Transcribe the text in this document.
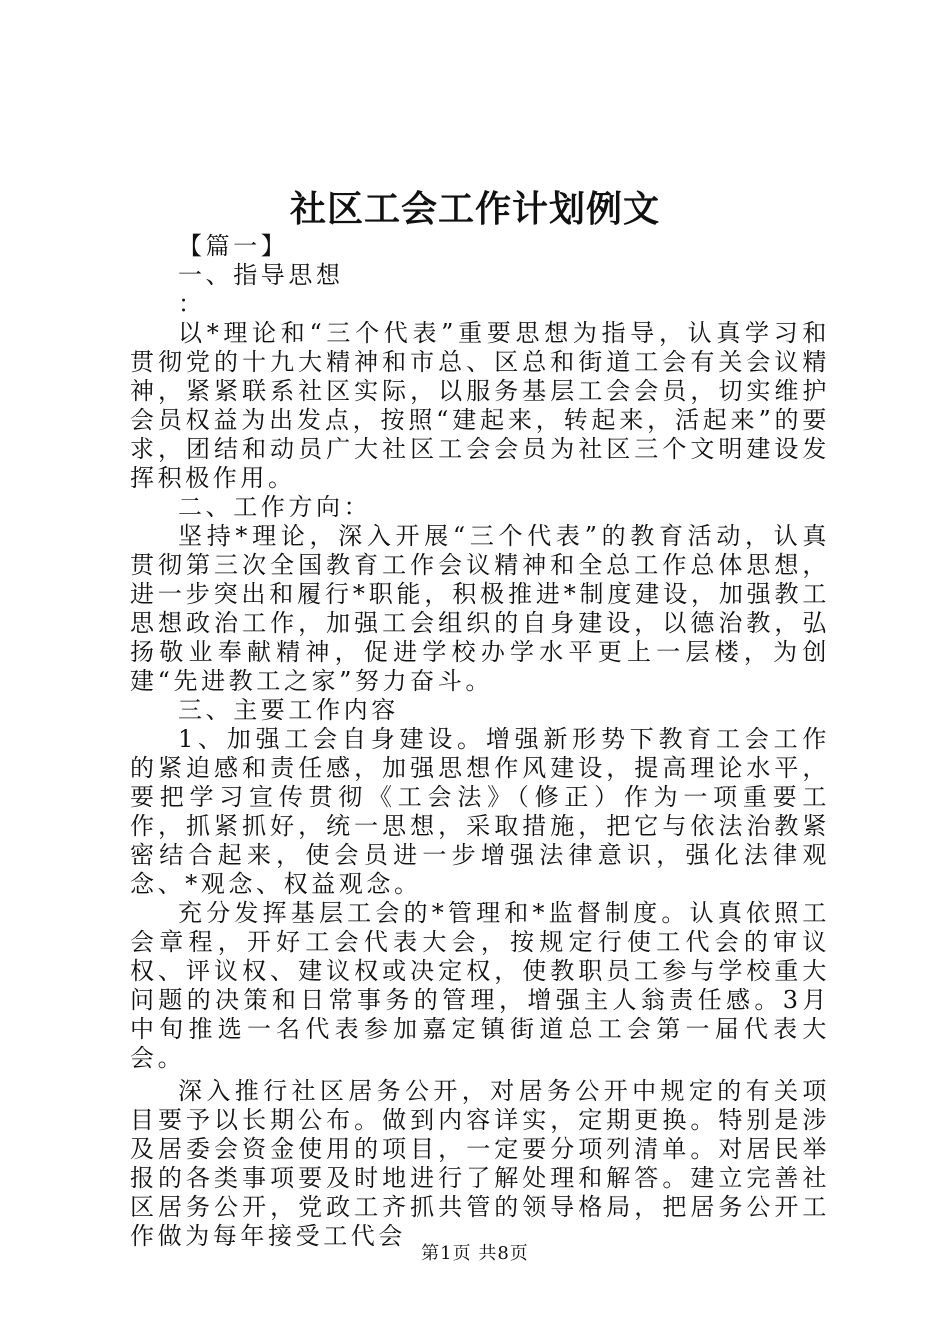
社区工会工作计划例文

【篇一】

一、指导思想

：

以*理论和“三个代表”重要思想为指导，认真学习和贯彻党的十九大精神和市总、区总和街道工会有关会议精神，紧紧联系社区实际，以服务基层工会会员，切实维护会员权益为出发点，按照“建起来，转起来，活起来”的要求，团结和动员广大社区工会会员为社区三个文明建设发挥积极作用。

二、工作方向：

坚持*理论，深入开展“三个代表”的教育活动，认真贯彻第三次全国教育工作会议精神和全总工作总体思想，进一步突出和履行*职能，积极推进*制度建设，加强教工思想政治工作，加强工会组织的自身建设，以德治教，弘扬敬业奉献精神，促进学校办学水平更上一层楼，为创建“先进教工之家”努力奋斗。

三、主要工作内容

1、加强工会自身建设。增强新形势下教育工会工作的紧迫感和责任感，加强思想作风建设，提高理论水平，要把学习宣传贯彻《工会法》（修正）作为一项重要工作，抓紧抓好，统一思想，采取措施，把它与依法治教紧密结合起来，使会员进一步增强法律意识，强化法律观念、*观念、权益观念。

充分发挥基层工会的*管理和*监督制度。认真依照工会章程，开好工会代表大会，按规定行使工代会的审议权、评议权、建议权或决定权，使教职员工参与学校重大问题的决策和日常事务的管理，增强主人翁责任感。3月中旬推选一名代表参加嘉定镇街道总工会第一届代表大会。

深入推行社区居务公开，对居务公开中规定的有关项目要予以长期公布。做到内容详实，定期更换。特别是涉及居委会资金使用的项目，一定要分项列清单。对居民举报的各类事项要及时地进行了解处理和解答。建立完善社区居务公开，党政工齐抓共管的领导格局，把居务公开工作做为每年接受工代会

第1页 共8页
